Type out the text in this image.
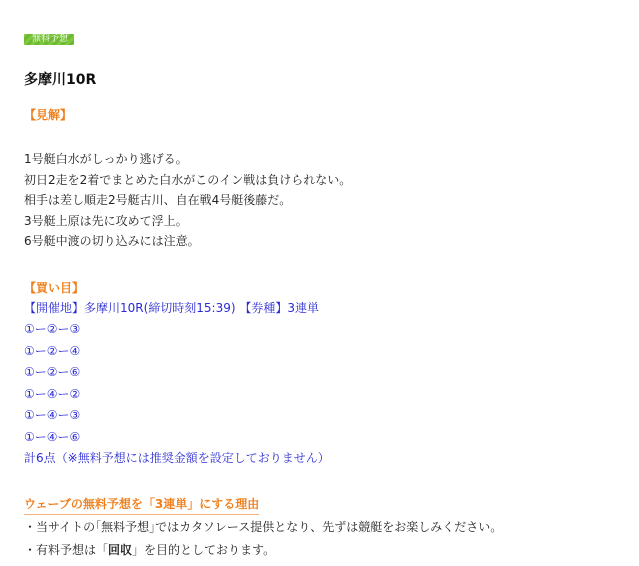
無料予想
多摩川10R
【見解】
1号艇白水がしっかり逃げる。
初日2走を2着でまとめた白水がこのイン戦は負けられない。
相手は差し順走2号艇古川、自在戦4号艇後藤だ。
3号艇上原は先に攻めて浮上。
6号艇中渡の切り込みには注意。
【買い目】
【開催地】多摩川10R(締切時刻15:39) 【券種】3連単
①ー②ー③
①ー②ー④
①ー②ー⑥
①ー④ー②
①ー④ー③
①ー④ー⑥
計6点（※無料予想には推奨金額を設定しておりません）
ウェーブの無料予想を「3連単」にする理由
・当サイトの｢無料予想｣ではカタソレース提供となり、先ずは競艇をお楽しみください。
・有料予想は「回収」を目的としております。
